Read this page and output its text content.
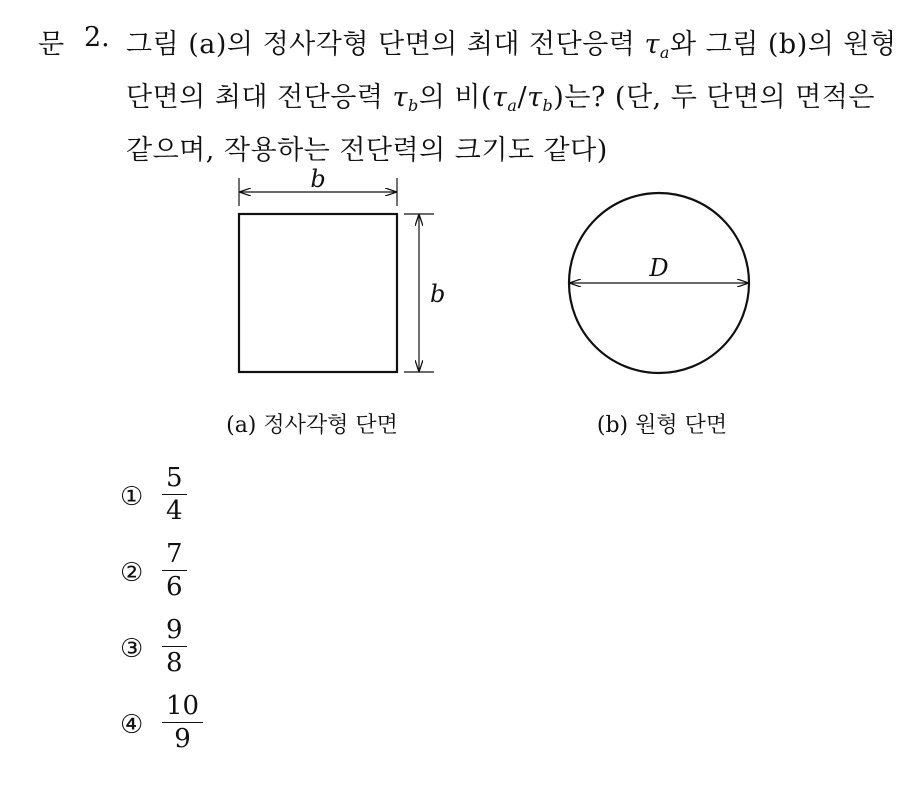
문 2. 그림 (a)의 정사각형 단면의 최대 전단응력 $\tau_a$와 그림 (b)의 원형
단면의 최대 전단응력 $\tau_b$의 비$(\tau_a/\tau_b)$는? (단, 두 단면의 면적은
같으며, 작용하는 전단력의 크기도 같다)
b
b
D
(a) 정사각형 단면	(b) 원형 단면
①
5
4
②
7
6
③
9
8
④
10
9
